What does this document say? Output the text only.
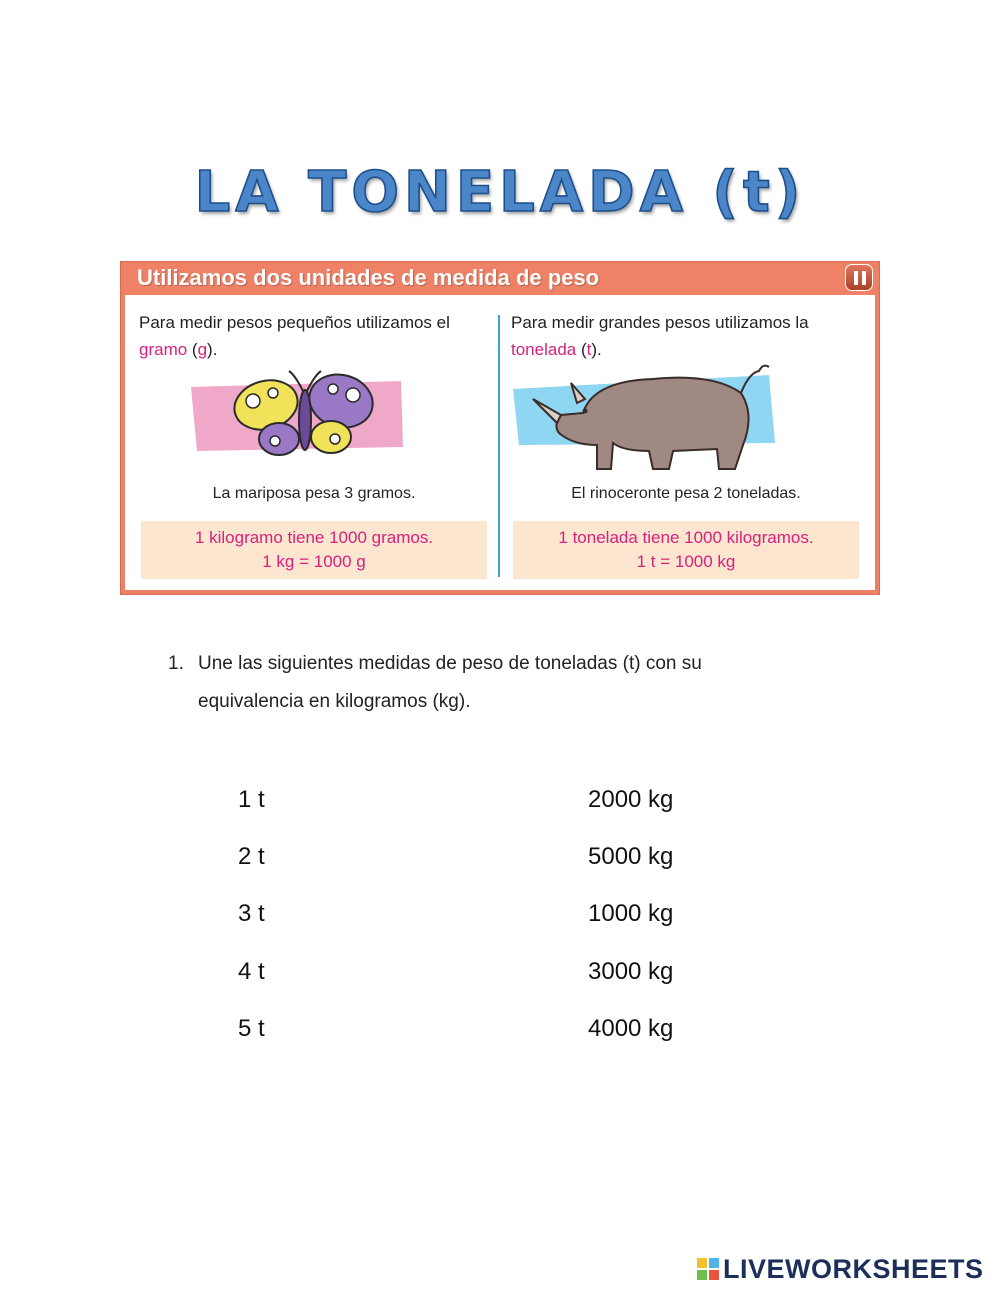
LA TONELADA (t)
Utilizamos dos unidades de medida de peso
Para medir pesos pequeños utilizamos el
gramo (g).
La mariposa pesa 3 gramos.
1 kilogramo tiene 1000 gramos.
1 kg = 1000 g
Para medir grandes pesos utilizamos la
tonelada (t).
El rinoceronte pesa 2 toneladas.
1 tonelada tiene 1000 kilogramos.
1 t = 1000 kg
1. Une las siguientes medidas de peso de toneladas (t) con su equivalencia en kilogramos (kg).
1 t
2 t
3 t
4 t
5 t
2000 kg
5000 kg
1000 kg
3000 kg
4000 kg
LIVEWORKSHEETS
